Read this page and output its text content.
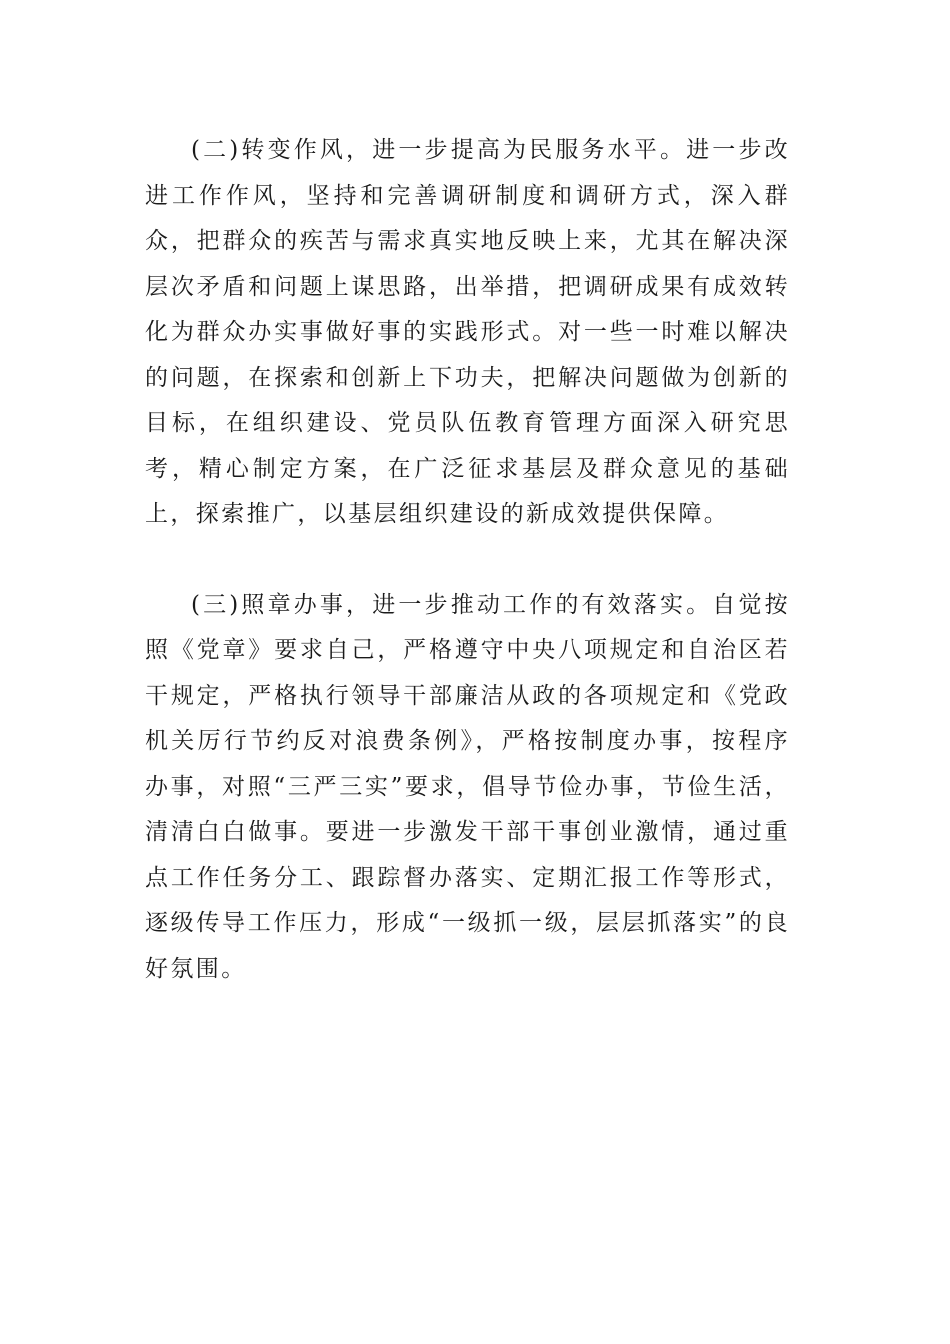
(二)转变作风，进一步提高为民服务水平。进一步改进工作作风，坚持和完善调研制度和调研方式，深入群众，把群众的疾苦与需求真实地反映上来，尤其在解决深层次矛盾和问题上谋思路，出举措，把调研成果有成效转化为群众办实事做好事的实践形式。对一些一时难以解决的问题，在探索和创新上下功夫，把解决问题做为创新的目标，在组织建设、党员队伍教育管理方面深入研究思考，精心制定方案，在广泛征求基层及群众意见的基础上，探索推广，以基层组织建设的新成效提供保障。

(三)照章办事，进一步推动工作的有效落实。自觉按照《党章》要求自己，严格遵守中央八项规定和自治区若干规定，严格执行领导干部廉洁从政的各项规定和《党政机关厉行节约反对浪费条例》，严格按制度办事，按程序办事，对照“三严三实”要求，倡导节俭办事，节俭生活，清清白白做事。要进一步激发干部干事创业激情，通过重点工作任务分工、跟踪督办落实、定期汇报工作等形式，逐级传导工作压力，形成“一级抓一级，层层抓落实”的良好氛围。
